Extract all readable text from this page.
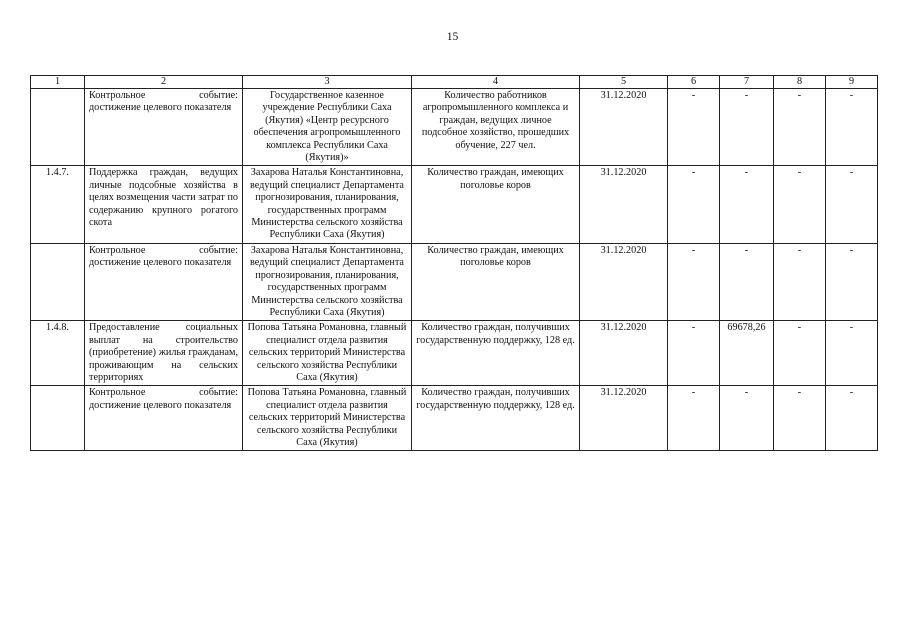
15
1	2	3	4	5	6	7	8	9
	Контрольное событие: достижение целевого показателя	Государственное казенное учреждение Республики Саха (Якутия) «Центр ресурсного обеспечения агропромышленного комплекса Республики Саха (Якутия)»	Количество работников агропромышленного комплекса и граждан, ведущих личное подсобное хозяйство, прошедших обучение, 227 чел.	31.12.2020	-	-	-	-
1.4.7.	Поддержка граждан, ведущих личные подсобные хозяйства в целях возмещения части затрат по содержанию крупного рогатого скота	Захарова Наталья Константиновна, ведущий специалист Департамента прогнозирования, планирования, государственных программ Министерства сельского хозяйства Республики Саха (Якутия)	Количество граждан, имеющих поголовье коров	31.12.2020	-	-	-	-
	Контрольное событие: достижение целевого показателя	Захарова Наталья Константиновна, ведущий специалист Департамента прогнозирования, планирования, государственных программ Министерства сельского хозяйства Республики Саха (Якутия)	Количество граждан, имеющих поголовье коров	31.12.2020	-	-	-	-
1.4.8.	Предоставление социальных выплат на строительство (приобретение) жилья гражданам, проживающим на сельских территориях	Попова Татьяна Романовна, главный специалист отдела развития сельских территорий Министерства сельского хозяйства Республики Саха (Якутия)	Количество граждан, получивших государственную поддержку, 128 ед.	31.12.2020	-	69678,26	-	-
	Контрольное событие: достижение целевого показателя	Попова Татьяна Романовна, главный специалист отдела развития сельских территорий Министерства сельского хозяйства Республики Саха (Якутия)	Количество граждан, получивших государственную поддержку, 128 ед.	31.12.2020	-	-	-	-
